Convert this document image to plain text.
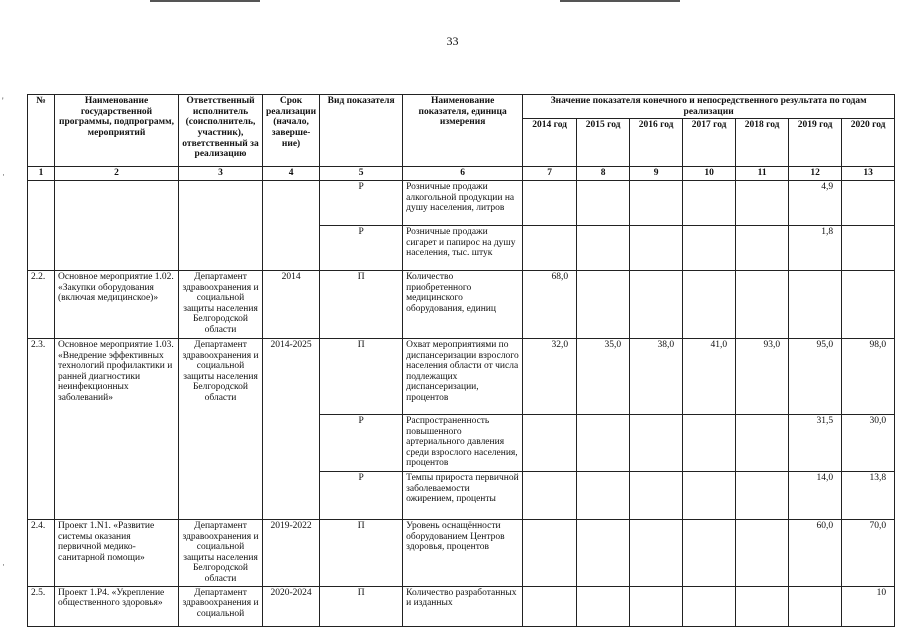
33
'
·
·
№	Наименование государственной программы, подпрограмм, мероприятий	Ответственный исполнитель (соисполнитель, участник), ответственный за реализацию	Срок реализации (начало, заверше-ние)	Вид показателя	Наименование показателя, единица измерения	Значение показателя конечного и непосредственного результата по годам реализации						
						2014 год	2015 год	2016 год	2017 год	2018 год	2019 год	2020 год
1	2	3	4	5	6	7	8	9	10	11	12	13
				Р	Розничные продажи алкогольной продукции на душу населения, литров						4,9	
				Р	Розничные продажи сигарет и папирос на душу населения, тыс. штук						1,8	
2.2.	Основное мероприятие 1.02. «Закупки оборудования (включая медицинское)»	Департамент здравоохранения и социальной защиты населения Белгородской области	2014	П	Количество приобретенного медицинского оборудования, единиц	68,0						
2.3.	Основное мероприятие 1.03. «Внедрение эффективных технологий профилактики и ранней диагностики неинфекционных заболеваний»	Департамент здравоохранения и социальной защиты населения Белгородской области	2014-2025	П	Охват мероприятиями по диспансеризации взрослого населения области от числа подлежащих диспансеризации, процентов	32,0	35,0	38,0	41,0	93,0	95,0	98,0
				Р	Распространенность повышенного артериального давления среди взрослого населения, процентов						31,5	30,0
				Р	Темпы прироста первичной заболеваемости ожирением, проценты						14,0	13,8
2.4.	Проект 1.N1. «Развитие системы оказания первичной медико-санитарной помощи»	Департамент здравоохранения и социальной защиты населения Белгородской области	2019-2022	П	Уровень оснащённости оборудованием Центров здоровья, процентов						60,0	70,0
2.5.	Проект 1.Р4. «Укрепление общественного здоровья»	Департамент здравоохранения и социальной	2020-2024	П	Количество разработанных и изданных							10
